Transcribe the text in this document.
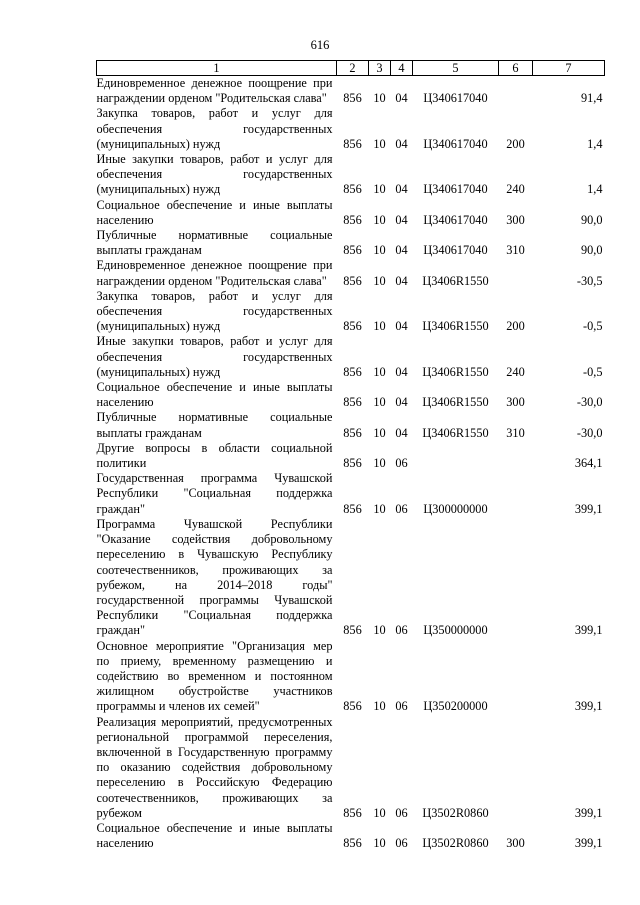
616
1	2	3	4	5	6	7
Единовременное денежное поощрение при награждении орденом "Родительская слава"	856	10	04	Ц340617040		91,4
Закупка товаров, работ и услуг для обеспечения государственных (муниципальных) нужд	856	10	04	Ц340617040	200	1,4
Иные закупки товаров, работ и услуг для обеспечения государственных (муниципальных) нужд	856	10	04	Ц340617040	240	1,4
Социальное обеспечение и иные выплаты населению	856	10	04	Ц340617040	300	90,0
Публичные нормативные социальные выплаты гражданам	856	10	04	Ц340617040	310	90,0
Единовременное денежное поощрение при награждении орденом "Родительская слава"	856	10	04	Ц3406R1550		-30,5
Закупка товаров, работ и услуг для обеспечения государственных (муниципальных) нужд	856	10	04	Ц3406R1550	200	-0,5
Иные закупки товаров, работ и услуг для обеспечения государственных (муниципальных) нужд	856	10	04	Ц3406R1550	240	-0,5
Социальное обеспечение и иные выплаты населению	856	10	04	Ц3406R1550	300	-30,0
Публичные нормативные социальные выплаты гражданам	856	10	04	Ц3406R1550	310	-30,0
Другие вопросы в области социальной политики	856	10	06			364,1
Государственная программа Чувашской Республики "Социальная поддержка граждан"	856	10	06	Ц300000000		399,1
Программа Чувашской Республики "Оказание содействия добровольному переселению в Чувашскую Республику соотечественников, проживающих за рубежом, на 2014–2018 годы" государственной программы Чувашской Республики "Социальная поддержка граждан"	856	10	06	Ц350000000		399,1
Основное мероприятие "Организация мер по приему, временному размещению и содействию во временном и постоянном жилищном обустройстве участников программы и членов их семей"	856	10	06	Ц350200000		399,1
Реализация мероприятий, предусмотренных региональной программой переселения, включенной в Государственную программу по оказанию содействия добровольному переселению в Российскую Федерацию соотечественников, проживающих за рубежом	856	10	06	Ц3502R0860		399,1
Социальное обеспечение и иные выплаты населению	856	10	06	Ц3502R0860	300	399,1
